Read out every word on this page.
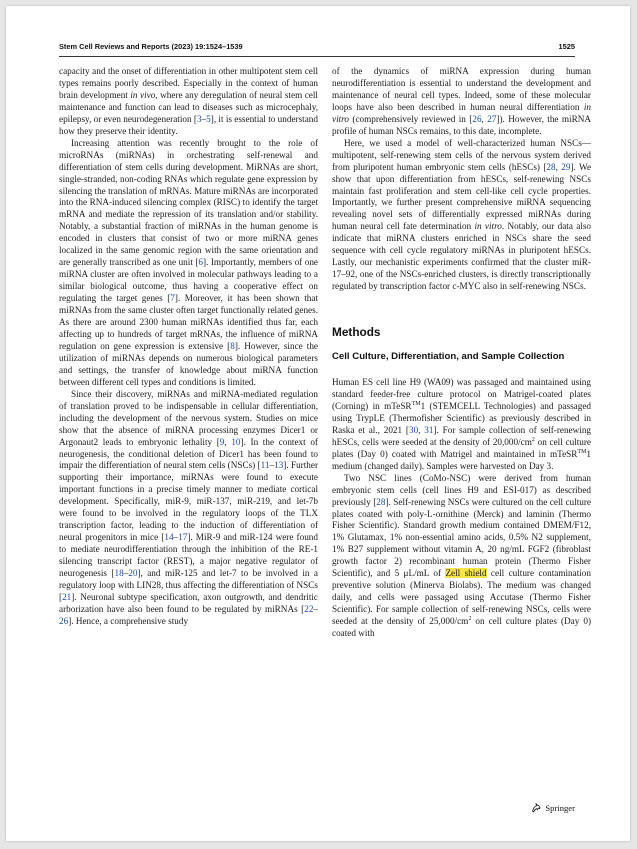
Stem Cell Reviews and Reports (2023) 19:1524–1539	1525

capacity and the onset of differentiation in other multipotent stem cell types remains poorly described. Especially in the context of human brain development in vivo, where any deregulation of neural stem cell maintenance and function can lead to diseases such as microcephaly, epilepsy, or even neurodegeneration [3–5], it is essential to understand how they preserve their identity.

Increasing attention was recently brought to the role of microRNAs (miRNAs) in orchestrating self-renewal and differentiation of stem cells during development. MiRNAs are short, single-stranded, non-coding RNAs which regulate gene expression by silencing the translation of mRNAs. Mature miRNAs are incorporated into the RNA-induced silencing complex (RISC) to identify the target mRNA and mediate the repression of its translation and/or stability. Notably, a substantial fraction of miRNAs in the human genome is encoded in clusters that consist of two or more miRNA genes localized in the same genomic region with the same orientation and are generally transcribed as one unit [6]. Importantly, members of one miRNA cluster are often involved in molecular pathways leading to a similar biological outcome, thus having a cooperative effect on regulating the target genes [7]. Moreover, it has been shown that miRNAs from the same cluster often target functionally related genes. As there are around 2300 human miRNAs identified thus far, each affecting up to hundreds of target mRNAs, the influence of miRNA regulation on gene expression is extensive [8]. However, since the utilization of miRNAs depends on numerous biological parameters and settings, the transfer of knowledge about miRNA function between different cell types and conditions is limited.

Since their discovery, miRNAs and miRNA-mediated regulation of translation proved to be indispensable in cellular differentiation, including the development of the nervous system. Studies on mice show that the absence of miRNA processing enzymes Dicer1 or Argonaut2 leads to embryonic lethality [9, 10]. In the context of neurogenesis, the conditional deletion of Dicer1 has been found to impair the differentiation of neural stem cells (NSCs) [11–13]. Further supporting their importance, miRNAs were found to execute important functions in a precise timely manner to mediate cortical development. Specifically, miR-9, miR-137, miR-219, and let-7b were found to be involved in the regulatory loops of the TLX transcription factor, leading to the induction of differentiation of neural progenitors in mice [14–17]. MiR-9 and miR-124 were found to mediate neurodifferentiation through the inhibition of the RE-1 silencing transcript factor (REST), a major negative regulator of neurogenesis [18–20], and miR-125 and let-7 to be involved in a regulatory loop with LIN28, thus affecting the differentiation of NSCs [21]. Neuronal subtype specification, axon outgrowth, and dendritic arborization have also been found to be regulated by miRNAs [22–26]. Hence, a comprehensive study

of the dynamics of miRNA expression during human neurodifferentiation is essential to understand the development and maintenance of neural cell types. Indeed, some of these molecular loops have also been described in human neural differentiation in vitro (comprehensively reviewed in [26, 27]). However, the miRNA profile of human NSCs remains, to this date, incomplete.

Here, we used a model of well-characterized human NSCs—multipotent, self-renewing stem cells of the nervous system derived from pluripotent human embryonic stem cells (hESCs) [28, 29]. We show that upon differentiation from hESCs, self-renewing NSCs maintain fast proliferation and stem cell-like cell cycle properties. Importantly, we further present comprehensive miRNA sequencing revealing novel sets of differentially expressed miRNAs during human neural cell fate determination in vitro. Notably, our data also indicate that miRNA clusters enriched in NSCs share the seed sequence with cell cycle regulatory miRNAs in pluripotent hESCs. Lastly, our mechanistic experiments confirmed that the cluster miR-17–92, one of the NSCs-enriched clusters, is directly transcriptionally regulated by transcription factor c-MYC also in self-renewing NSCs.

Methods
Cell Culture, Differentiation, and Sample Collection

Human ES cell line H9 (WA09) was passaged and maintained using standard feeder-free culture protocol on Matrigel-coated plates (Corning) in mTeSR™1 (STEMCELL Technologies) and passaged using TrypLE (Thermofisher Scientific) as previously described in Raska et al., 2021 [30, 31]. For sample collection of self-renewing hESCs, cells were seeded at the density of $20,000/cm^2$ on cell culture plates (Day 0) coated with Matrigel and maintained in mTeSR™1 medium (changed daily). Samples were harvested on Day 3.

Two NSC lines (CoMo-NSC) were derived from human embryonic stem cells (cell lines H9 and ESI-017) as described previously [28]. Self-renewing NSCs were cultured on the cell culture plates coated with poly-L-ornithine (Merck) and laminin (Thermo Fisher Scientific). Standard growth medium contained DMEM/F12, 1% Glutamax, 1% non-essential amino acids, 0.5% N2 supplement, 1% B27 supplement without vitamin A, 20 ng/mL FGF2 (fibroblast growth factor 2) recombinant human protein (Thermo Fisher Scientific), and 5 μL/mL of Zell shield cell culture contamination preventive solution (Minerva Biolabs). The medium was changed daily, and cells were passaged using Accutase (Thermo Fisher Scientific). For sample collection of self-renewing NSCs, cells were seeded at the density of $25,000/cm^2$ on cell culture plates (Day 0) coated with

Springer
